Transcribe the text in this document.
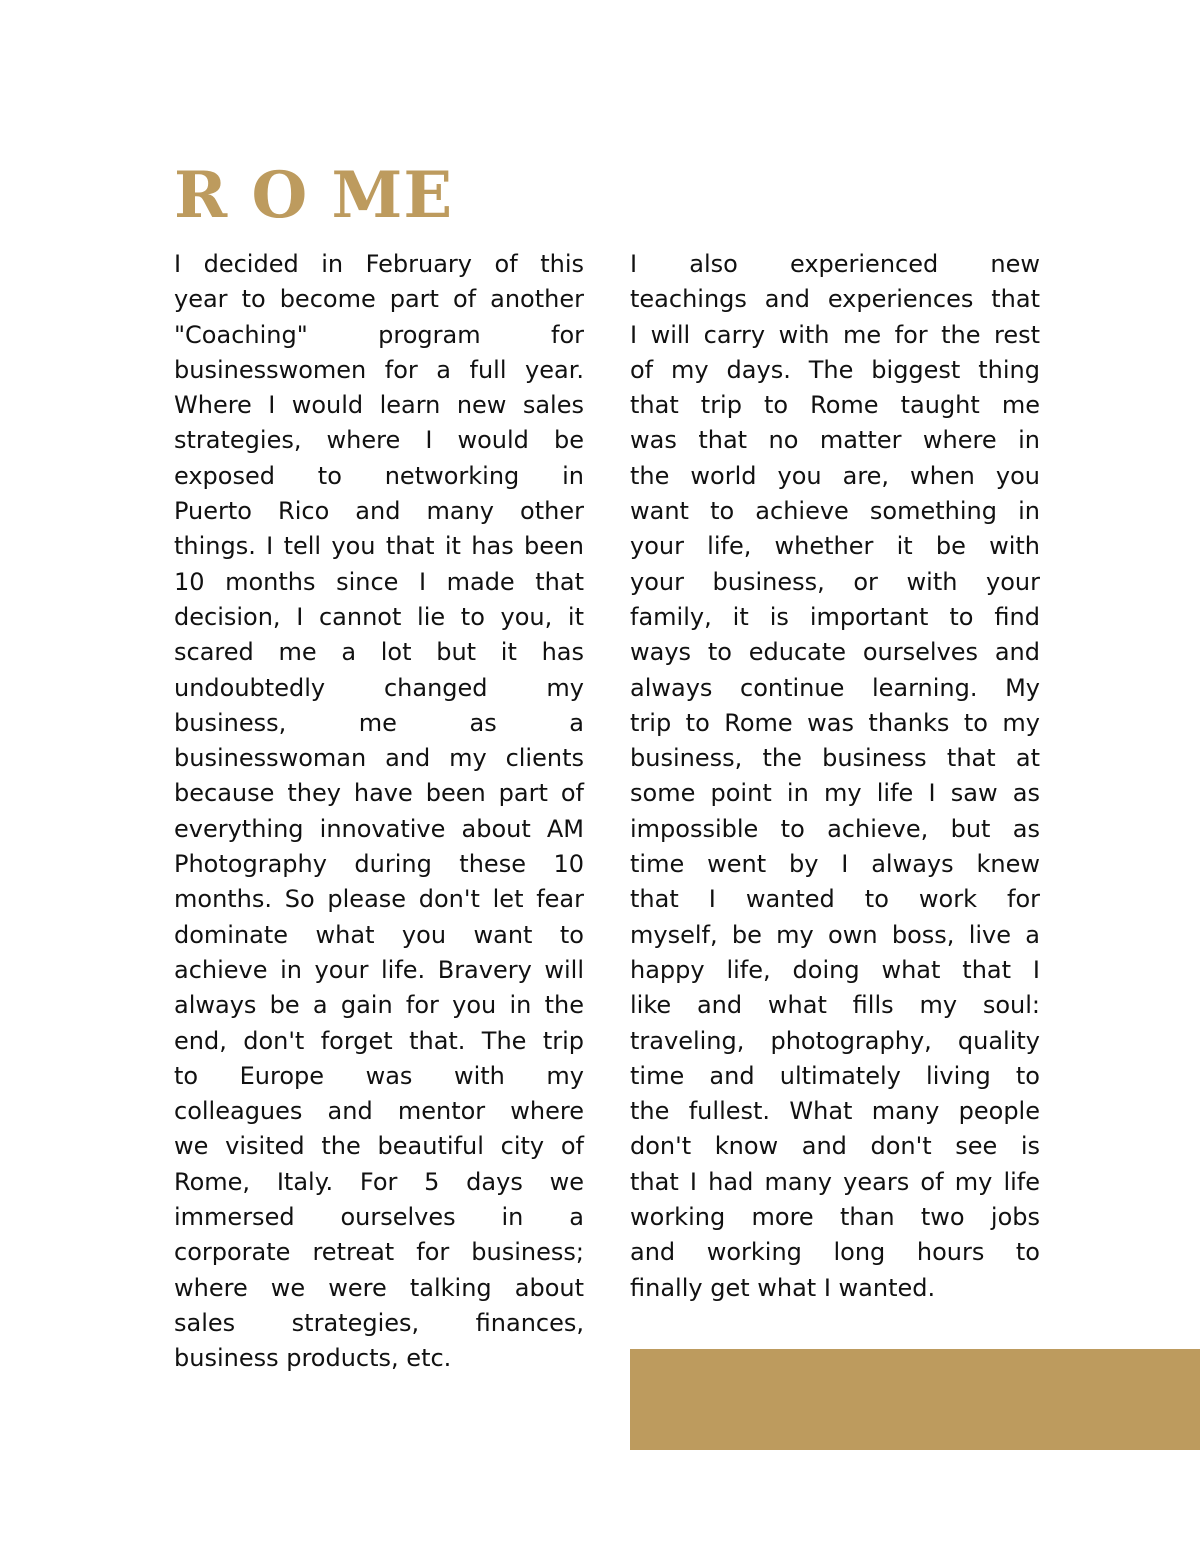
R O ME
I decided in February of this
year to become part of another
"Coaching" program for
businesswomen for a full year.
Where I would learn new sales
strategies, where I would be
exposed to networking in
Puerto Rico and many other
things. I tell you that it has been
10 months since I made that
decision, I cannot lie to you, it
scared me a lot but it has
undoubtedly changed my
business, me as a
businesswoman and my clients
because they have been part of
everything innovative about AM
Photography during these 10
months. So please don't let fear
dominate what you want to
achieve in your life. Bravery will
always be a gain for you in the
end, don't forget that. The trip
to Europe was with my
colleagues and mentor where
we visited the beautiful city of
Rome, Italy. For 5 days we
immersed ourselves in a
corporate retreat for business;
where we were talking about
sales strategies, finances,
business products, etc.
I also experienced new
teachings and experiences that
I will carry with me for the rest
of my days. The biggest thing
that trip to Rome taught me
was that no matter where in
the world you are, when you
want to achieve something in
your life, whether it be with
your business, or with your
family, it is important to find
ways to educate ourselves and
always continue learning. My
trip to Rome was thanks to my
business, the business that at
some point in my life I saw as
impossible to achieve, but as
time went by I always knew
that I wanted to work for
myself, be my own boss, live a
happy life, doing what that I
like and what fills my soul:
traveling, photography, quality
time and ultimately living to
the fullest. What many people
don't know and don't see is
that I had many years of my life
working more than two jobs
and working long hours to
finally get what I wanted.
